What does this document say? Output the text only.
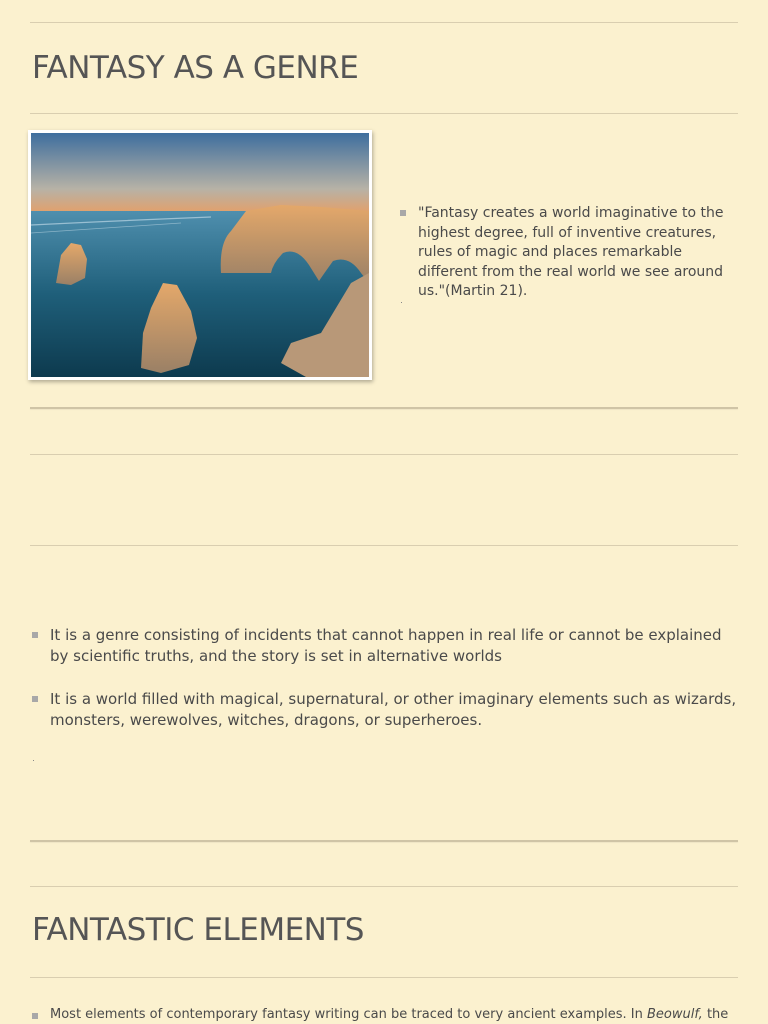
FANTASY AS A GENRE
"Fantasy creates a world imaginative to the highest degree, full of inventive creatures, rules of magic and places remarkable different from the real world we see around us."(Martin 21).
It is a genre consisting of incidents that cannot happen in real life or cannot be explained by scientific truths, and the story is set in alternative worlds
It is a world filled with magical, supernatural, or other imaginary elements such as wizards, monsters, werewolves, witches, dragons, or superheroes.
FANTASTIC ELEMENTS
Most elements of contemporary fantasy writing can be traced to very ancient examples. In Beowulf, the
